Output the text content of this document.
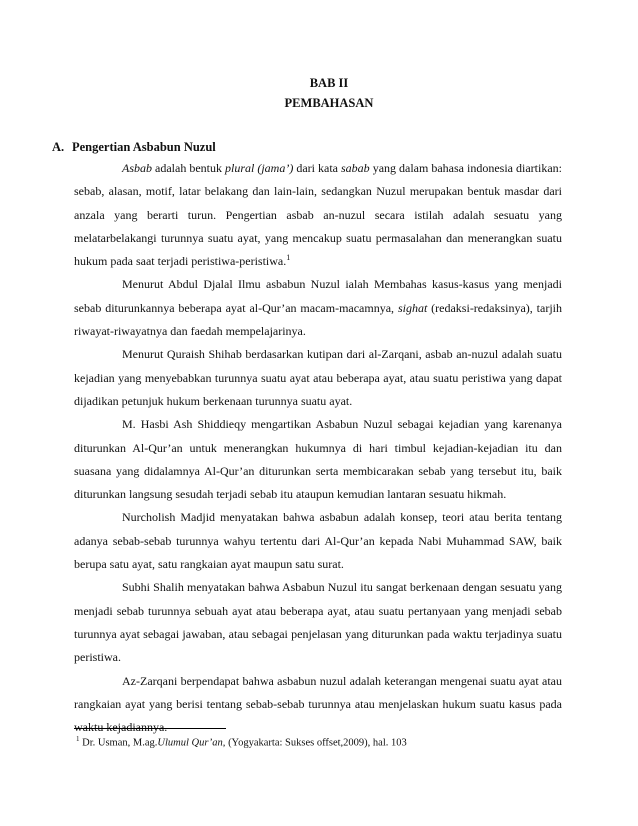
BAB II
PEMBAHASAN
A. Pengertian Asbabun Nuzul

Asbab adalah bentuk plural (jama’) dari kata sabab yang dalam bahasa indonesia diartikan: sebab, alasan, motif, latar belakang dan lain-lain, sedangkan Nuzul merupakan bentuk masdar dari anzala yang berarti turun. Pengertian asbab an-nuzul secara istilah adalah sesuatu yang melatarbelakangi turunnya suatu ayat, yang mencakup suatu permasalahan dan menerangkan suatu hukum pada saat terjadi peristiwa-peristiwa.$^1$

Menurut Abdul Djalal Ilmu asbabun Nuzul ialah Membahas kasus-kasus yang menjadi sebab diturunkannya beberapa ayat al-Qur’an macam-macamnya, sighat (redaksi-redaksinya), tarjih riwayat-riwayatnya dan faedah mempelajarinya.

Menurut Quraish Shihab berdasarkan kutipan dari al-Zarqani, asbab an-nuzul adalah suatu kejadian yang menyebabkan turunnya suatu ayat atau beberapa ayat, atau suatu peristiwa yang dapat dijadikan petunjuk hukum berkenaan turunnya suatu ayat.

M. Hasbi Ash Shiddieqy mengartikan Asbabun Nuzul sebagai kejadian yang karenanya diturunkan Al-Qur’an untuk menerangkan hukumnya di hari timbul kejadian-kejadian itu dan suasana yang didalamnya Al-Qur’an diturunkan serta membicarakan sebab yang tersebut itu, baik diturunkan langsung sesudah terjadi sebab itu ataupun kemudian lantaran sesuatu hikmah.

Nurcholish Madjid menyatakan bahwa asbabun adalah konsep, teori atau berita tentang adanya sebab-sebab turunnya wahyu tertentu dari Al-Qur’an kepada Nabi Muhammad SAW, baik berupa satu ayat, satu rangkaian ayat maupun satu surat.

Subhi Shalih menyatakan bahwa Asbabun Nuzul itu sangat berkenaan dengan sesuatu yang menjadi sebab turunnya sebuah ayat atau beberapa ayat, atau suatu pertanyaan yang menjadi sebab turunnya ayat sebagai jawaban, atau sebagai penjelasan yang diturunkan pada waktu terjadinya suatu peristiwa.

Az-Zarqani berpendapat bahwa asbabun nuzul adalah keterangan mengenai suatu ayat atau rangkaian ayat yang berisi tentang sebab-sebab turunnya atau menjelaskan hukum suatu kasus pada waktu kejadiannya.

$^1$ Dr. Usman, M.ag.Ulumul Qur’an, (Yogyakarta: Sukses offset,2009), hal. 103
